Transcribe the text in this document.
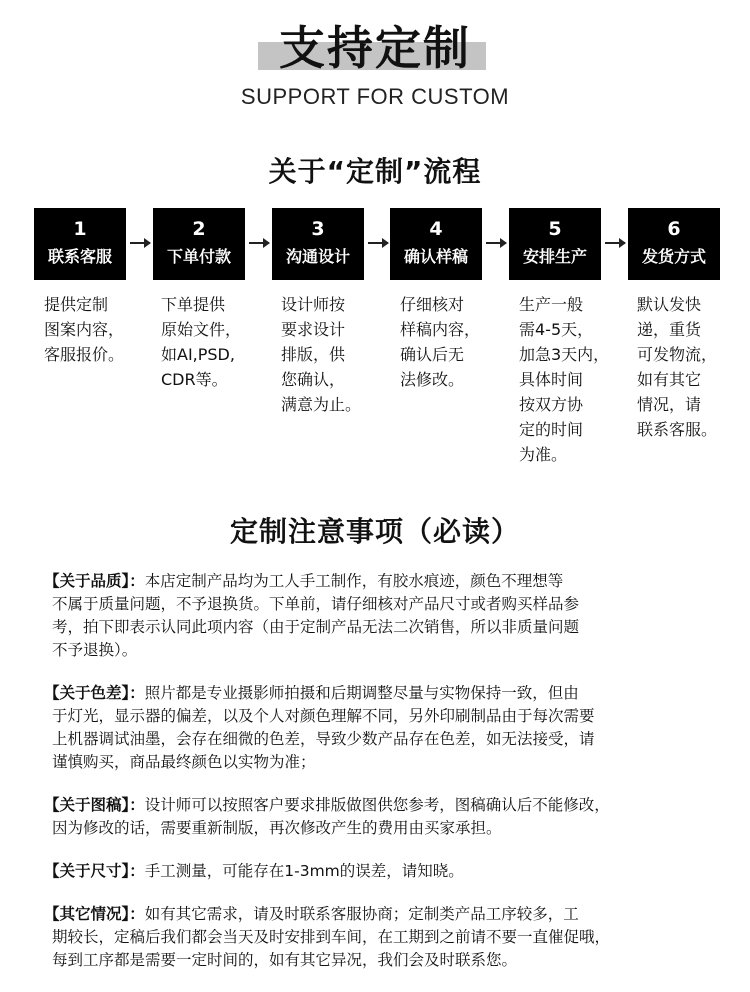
支持定制
SUPPORT FOR CUSTOM
关于“定制”流程
1
联系客服
2
下单付款
3
沟通设计
4
确认样稿
5
安排生产
6
发货方式
提供定制
图案内容，
客服报价。
下单提供
原始文件，
如AI,PSD,
CDR等。
设计师按
要求设计
排版，供
您确认，
满意为止。
仔细核对
样稿内容，
确认后无
法修改。
生产一般
需4-5天，
加急3天内，
具体时间
按双方协
定的时间
为准。
默认发快
递，重货
可发物流，
如有其它
情况，请
联系客服。
定制注意事项（必读）
【关于品质】：本店定制产品均为工人手工制作，有胶水痕迹，颜色不理想等
不属于质量问题，不予退换货。下单前，请仔细核对产品尺寸或者购买样品参
考，拍下即表示认同此项内容（由于定制产品无法二次销售，所以非质量问题
不予退换）。
【关于色差】：照片都是专业摄影师拍摄和后期调整尽量与实物保持一致，但由
于灯光，显示器的偏差，以及个人对颜色理解不同，另外印刷制品由于每次需要
上机器调试油墨，会存在细微的色差，导致少数产品存在色差，如无法接受，请
谨慎购买，商品最终颜色以实物为准；
【关于图稿】：设计师可以按照客户要求排版做图供您参考，图稿确认后不能修改，
因为修改的话，需要重新制版，再次修改产生的费用由买家承担。
【关于尺寸】：手工测量，可能存在1-3mm的误差，请知晓。
【其它情况】：如有其它需求，请及时联系客服协商；定制类产品工序较多，工
期较长，定稿后我们都会当天及时安排到车间，在工期到之前请不要一直催促哦，
每到工序都是需要一定时间的，如有其它异况，我们会及时联系您。
